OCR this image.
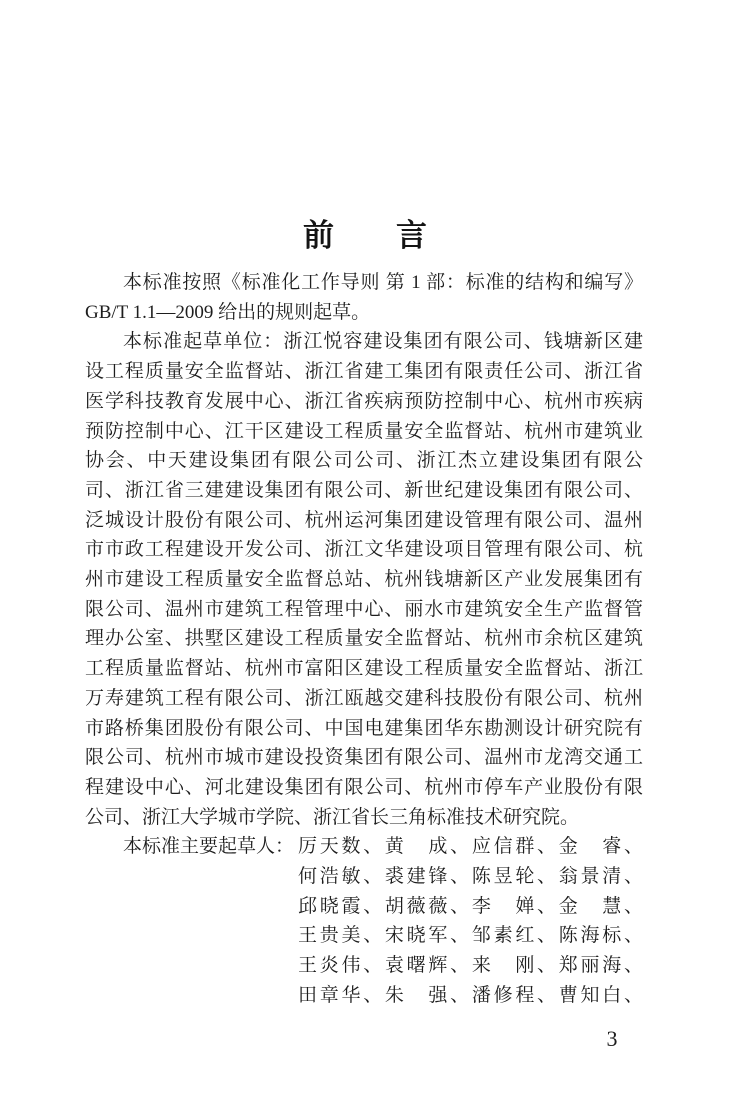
前　　言
本标准按照《标准化工作导则 第 1 部：标准的结构和编写》
GB/T 1.1—2009 给出的规则起草。
本标准起草单位：浙江悦容建设集团有限公司、钱塘新区建
设工程质量安全监督站、浙江省建工集团有限责任公司、浙江省
医学科技教育发展中心、浙江省疾病预防控制中心、杭州市疾病
预防控制中心、江干区建设工程质量安全监督站、杭州市建筑业
协会、中天建设集团有限公司公司、浙江杰立建设集团有限公
司、浙江省三建建设集团有限公司、新世纪建设集团有限公司、
泛城设计股份有限公司、杭州运河集团建设管理有限公司、温州
市市政工程建设开发公司、浙江文华建设项目管理有限公司、杭
州市建设工程质量安全监督总站、杭州钱塘新区产业发展集团有
限公司、温州市建筑工程管理中心、丽水市建筑安全生产监督管
理办公室、拱墅区建设工程质量安全监督站、杭州市余杭区建筑
工程质量监督站、杭州市富阳区建设工程质量安全监督站、浙江
万寿建筑工程有限公司、浙江瓯越交建科技股份有限公司、杭州
市路桥集团股份有限公司、中国电建集团华东勘测设计研究院有
限公司、杭州市城市建设投资集团有限公司、温州市龙湾交通工
程建设中心、河北建设集团有限公司、杭州市停车产业股份有限
公司、浙江大学城市学院、浙江省长三角标准技术研究院。
本标准主要起草人： 厉天数、黄　成、应信群、金　睿、
何浩敏、裘建锋、陈昱轮、翁景清、
邱晓霞、胡薇薇、李　婵、金　慧、
王贵美、宋晓军、邹素红、陈海标、
王炎伟、袁曙辉、来　刚、郑丽海、
田章华、朱　强、潘修程、曹知白、
3
